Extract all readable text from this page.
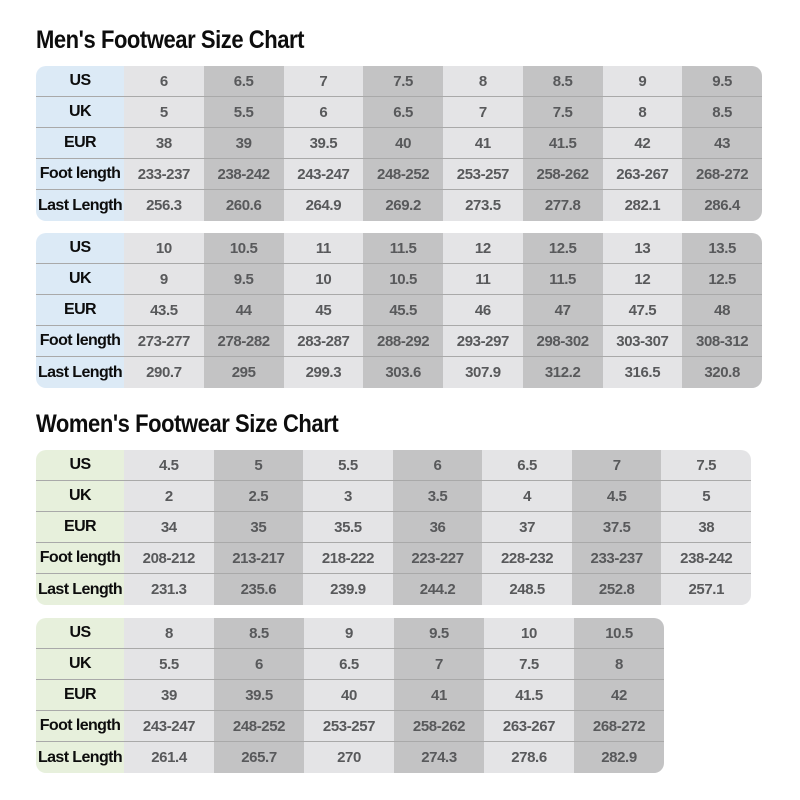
Men's Footwear Size Chart
US	6	6.5	7	7.5	8	8.5	9	9.5
UK	5	5.5	6	6.5	7	7.5	8	8.5
EUR	38	39	39.5	40	41	41.5	42	43
Foot length	233-237	238-242	243-247	248-252	253-257	258-262	263-267	268-272
Last Length	256.3	260.6	264.9	269.2	273.5	277.8	282.1	286.4
US	10	10.5	11	11.5	12	12.5	13	13.5
UK	9	9.5	10	10.5	11	11.5	12	12.5
EUR	43.5	44	45	45.5	46	47	47.5	48
Foot length	273-277	278-282	283-287	288-292	293-297	298-302	303-307	308-312
Last Length	290.7	295	299.3	303.6	307.9	312.2	316.5	320.8
Women's Footwear Size Chart
US	4.5	5	5.5	6	6.5	7	7.5
UK	2	2.5	3	3.5	4	4.5	5
EUR	34	35	35.5	36	37	37.5	38
Foot length	208-212	213-217	218-222	223-227	228-232	233-237	238-242
Last Length	231.3	235.6	239.9	244.2	248.5	252.8	257.1
US	8	8.5	9	9.5	10	10.5
UK	5.5	6	6.5	7	7.5	8
EUR	39	39.5	40	41	41.5	42
Foot length	243-247	248-252	253-257	258-262	263-267	268-272
Last Length	261.4	265.7	270	274.3	278.6	282.9
